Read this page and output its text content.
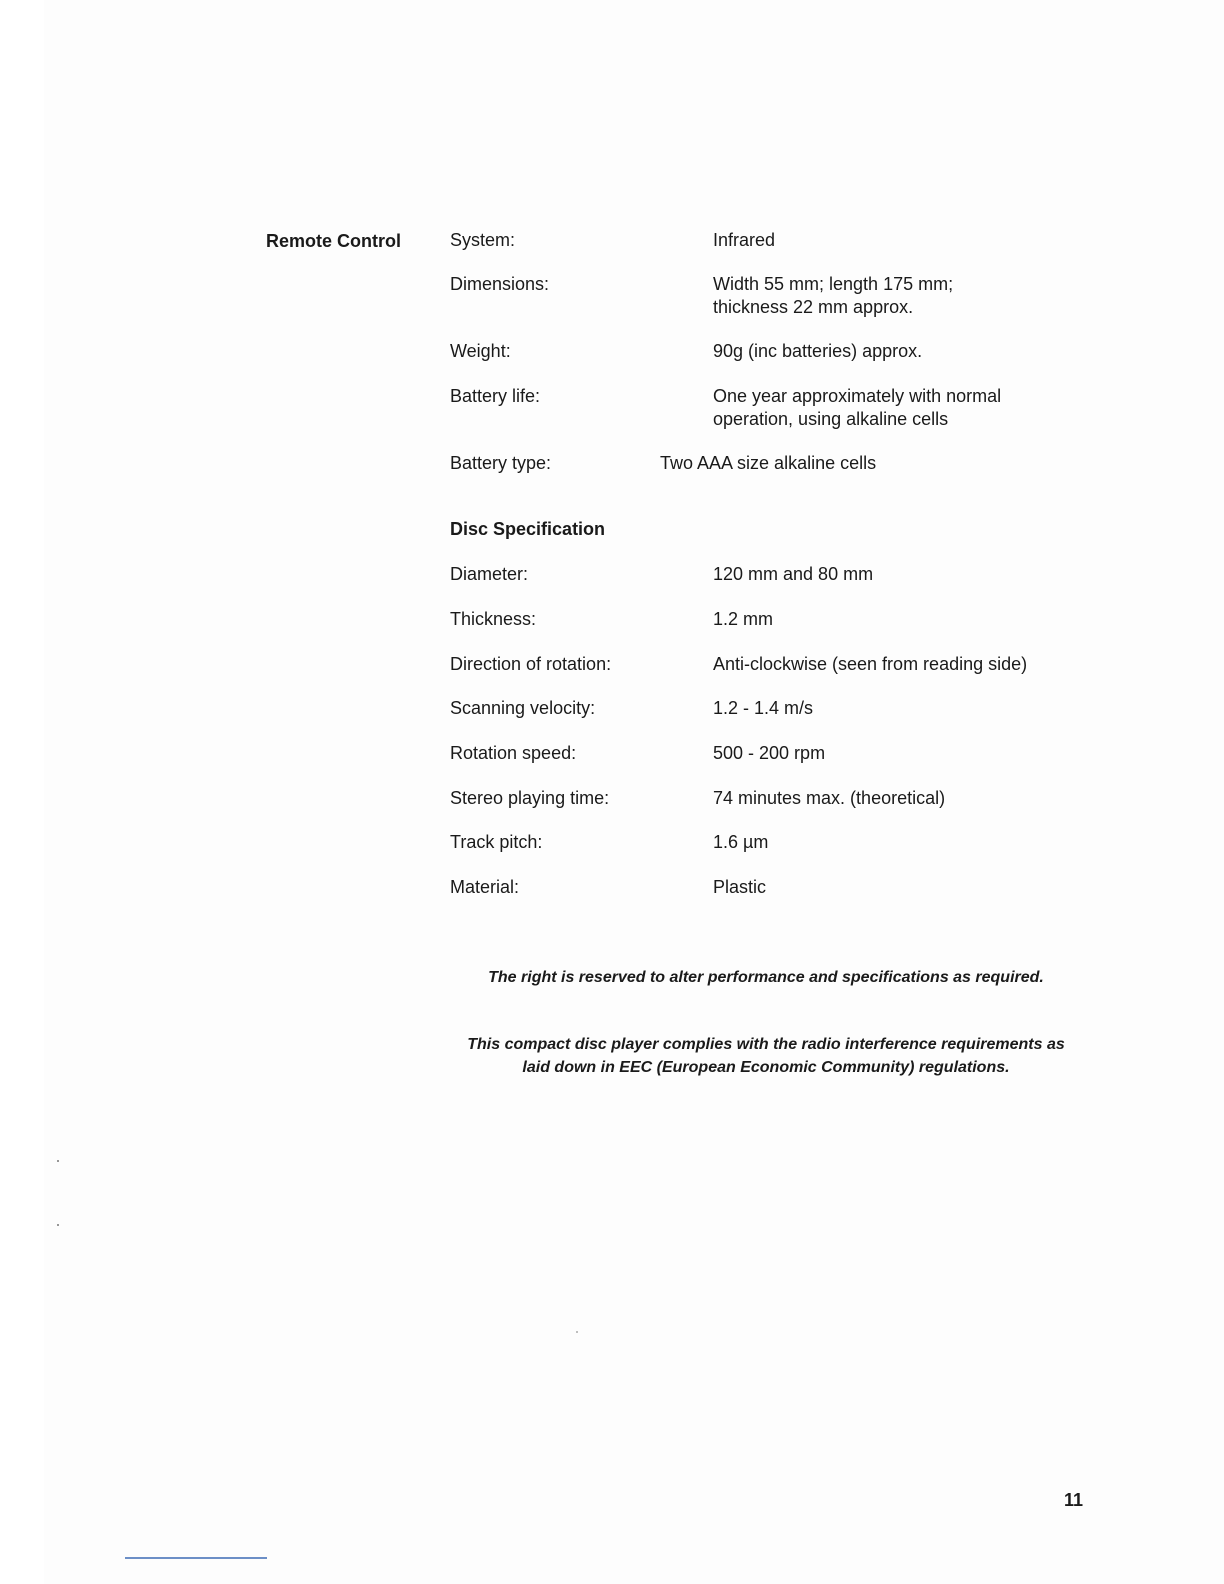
Remote Control	System:	Infrared
Dimensions:	Width 55 mm; length 175 mm;
thickness 22 mm approx.
Weight:	90g (inc batteries) approx.
Battery life:	One year approximately with normal
operation, using alkaline cells
Battery type:	Two AAA size alkaline cells
Disc Specification
Diameter:	120 mm and 80 mm
Thickness:	1.2 mm
Direction of rotation:	Anti-clockwise (seen from reading side)
Scanning velocity:	1.2 - 1.4 m/s
Rotation speed:	500 - 200 rpm
Stereo playing time:	74 minutes max. (theoretical)
Track pitch:	1.6 µm
Material:	Plastic
The right is reserved to alter performance and specifications as required.
This compact disc player complies with the radio interference requirements as
laid down in EEC (European Economic Community) regulations.
11
